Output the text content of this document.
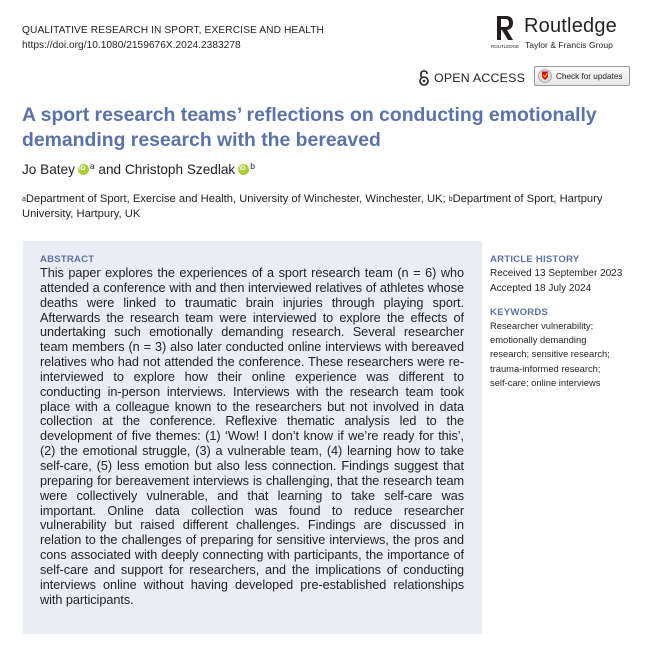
QUALITATIVE RESEARCH IN SPORT, EXERCISE AND HEALTH
https://doi.org/10.1080/2159676X.2024.2383278	ROUTLEDGE
Routledge
Taylor & Francis Group
OPEN ACCESS	Check for updates
A sport research teams’ reflections on conducting emotionally demanding research with the bereaved
Jo Batey iD $^a$ and Christoph Szedlak iD $^b$
$^a$Department of Sport, Exercise and Health, University of Winchester, Winchester, UK; $^b$Department of Sport, Hartpury University, Hartpury, UK
ABSTRACT

This paper explores the experiences of a sport research team (n = 6) who attended a conference with and then interviewed relatives of athletes whose deaths were linked to traumatic brain injuries through playing sport. Afterwards the research team were interviewed to explore the effects of undertaking such emotionally demanding research. Several researcher team members (n = 3) also later conducted online interviews with bereaved relatives who had not attended the conference. These researchers were re-interviewed to explore how their online experience was different to conducting in-person interviews. Interviews with the research team took place with a colleague known to the researchers but not involved in data collection at the conference. Reflexive thematic analysis led to the development of five themes: (1) ‘Wow! I don’t know if we’re ready for this’, (2) the emotional struggle, (3) a vulnerable team, (4) learning how to take self-care, (5) less emotion but also less connection. Findings suggest that preparing for bereavement interviews is challenging, that the research team were collectively vulnerable, and that learning to take self-care was important. Online data collection was found to reduce researcher vulnerability but raised different challenges. Findings are discussed in relation to the challenges of preparing for sensitive interviews, the pros and cons associated with deeply connecting with participants, the importance of self-care and support for researchers, and the implications of conducting interviews online without having developed pre-established relationships with participants.

ARTICLE HISTORY
Received 13 September 2023
Accepted 18 July 2024
KEYWORDS
Researcher vulnerability;
emotionally demanding
research; sensitive research;
trauma-informed research;
self-care; online interviews
